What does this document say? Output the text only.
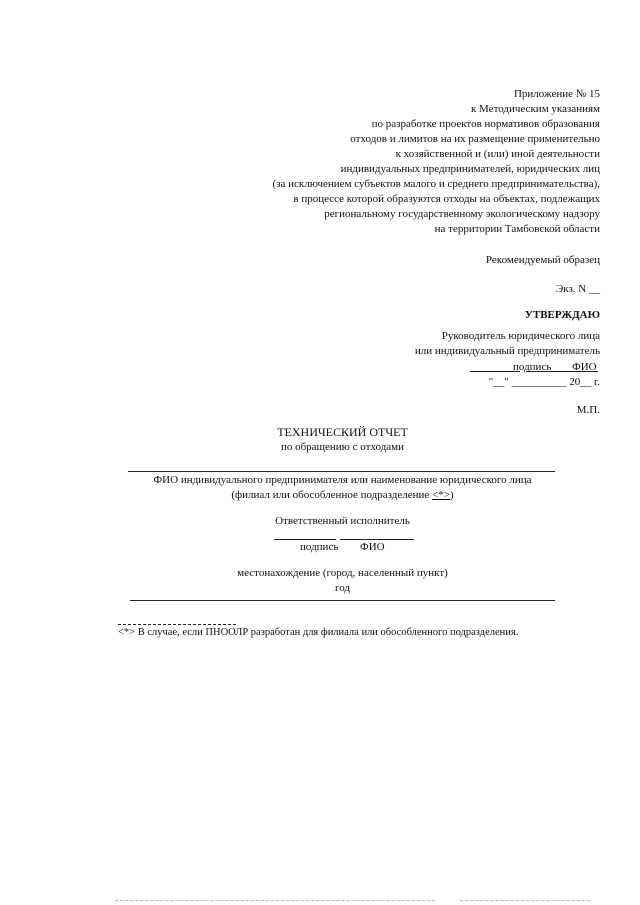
Приложение № 15
к Методическим указаниям
по разработке проектов нормативов образования
отходов и лимитов на их размещение применительно
к хозяйственной и (или) иной деятельности
индивидуальных предпринимателей, юридических лиц
(за исключением субъектов малого и среднего предпринимательства),
в процессе которой образуются отходы на объектах, подлежащих
региональному государственному экологическому надзору
на территории Тамбовской области
Рекомендуемый образец
Экз. N __
УТВЕРЖДАЮ
Руководитель юридического лица
или индивидуальный предприниматель
подпись ФИО
"__" __________ 20__ г.
М.П.
ТЕХНИЧЕСКИЙ ОТЧЕТ
по обращению с отходами
ФИО индивидуального предпринимателя или наименование юридического лица
(филиал или обособленное подразделение <*>)
Ответственный исполнитель
подпись ФИО
местонахождение (город, населенный пункт)
год
<*> В случае, если ПНООЛР разработан для филиала или обособленного подразделения.
